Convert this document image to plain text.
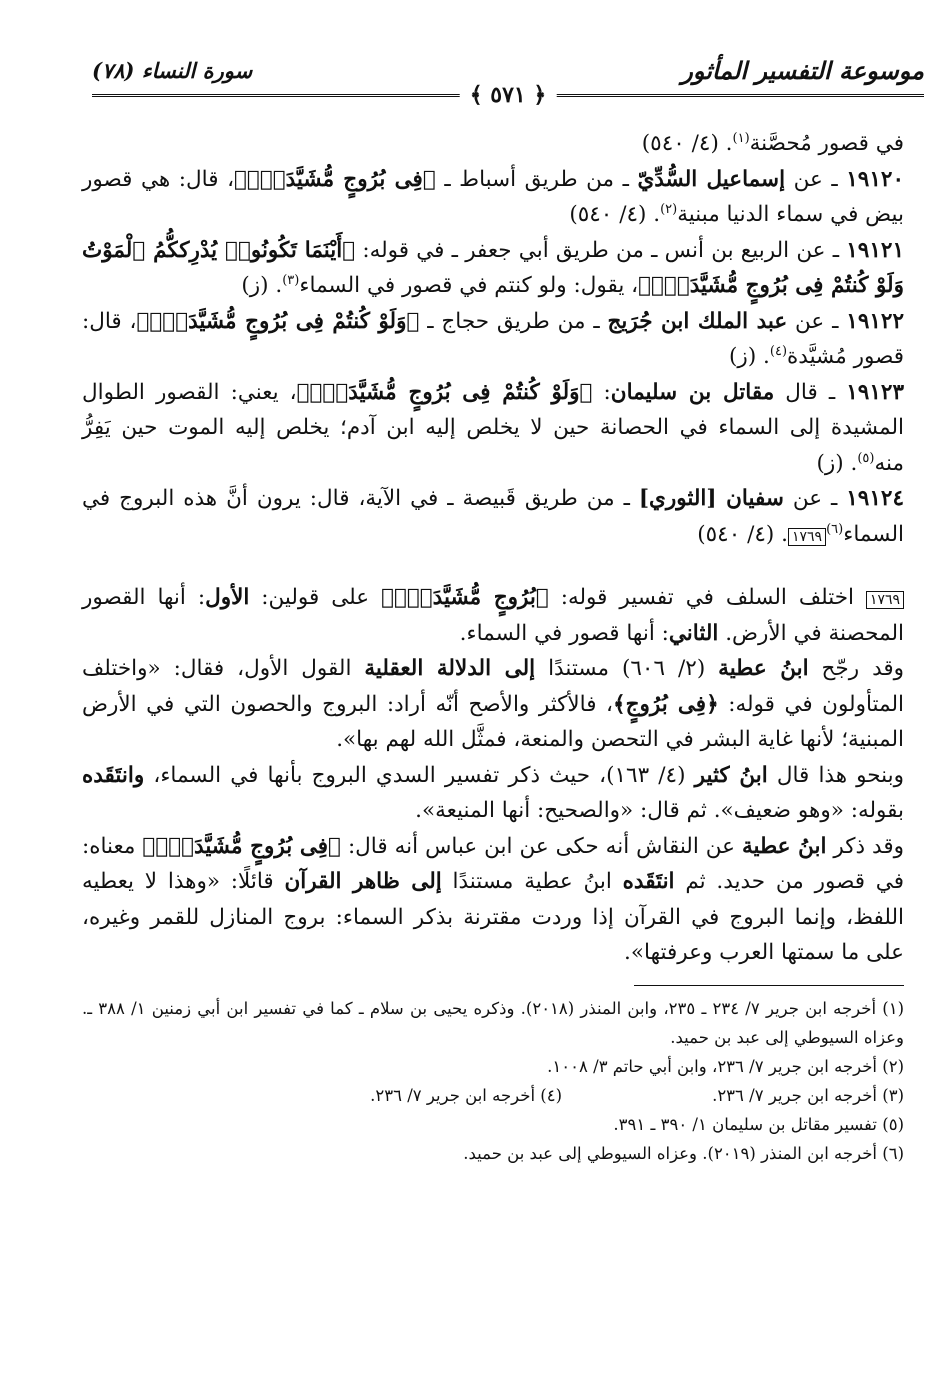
موسوعة التفسير المأثور
سورة النساء (٧٨)
﴿ ٥٧١ ﴾

في قصور مُحصَّنة$^{(١)}$. (٤/ ٥٤٠)

١٩١٢٠ ـ عن إسماعيل السُّدِّيّ ـ من طريق أسباط ـ ﴿فِى بُرُوجٍ مُّشَيَّدَةٍۗ﴾، قال: هي قصور بيض في سماء الدنيا مبنية$^{(٢)}$. (٤/ ٥٤٠)

١٩١٢١ ـ عن الربيع بن أنس ـ من طريق أبي جعفر ـ في قوله: ﴿أَيْنَمَا تَكُونُوا۟ يُدْرِككُّمُ ٱلْمَوْتُ وَلَوْ كُنتُمْ فِى بُرُوجٍ مُّشَيَّدَةٍۗ﴾، يقول: ولو كنتم في قصور في السماء$^{(٣)}$. (ز)

١٩١٢٢ ـ عن عبد الملك ابن جُرَيج ـ من طريق حجاج ـ ﴿وَلَوْ كُنتُمْ فِى بُرُوجٍ مُّشَيَّدَةٍۗ﴾، قال: قصور مُشيَّدة$^{(٤)}$. (ز)

١٩١٢٣ ـ قال مقاتل بن سليمان: ﴿وَلَوْ كُنتُمْ فِى بُرُوجٍ مُّشَيَّدَةٍۗ﴾، يعني: القصور الطوال المشيدة إلى السماء في الحصانة حين لا يخلص إليه ابن آدم؛ يخلص إليه الموت حين يَفِرُّ منه$^{(٥)}$. (ز)

١٩١٢٤ ـ عن سفيان [الثوري] ـ من طريق قَبيصة ـ في الآية، قال: يرون أنَّ هذه البروج في السماء$^{(٦)}$١٧٦٩. (٤/ ٥٤٠)

١٧٦٩ اختلف السلف في تفسير قوله: ﴿بُرُوجٍ مُّشَيَّدَةٍۗ﴾ على قولين: الأول: أنها القصور المحصنة في الأرض. الثاني: أنها قصور في السماء.

وقد رجّح ابنُ عطية (٢/ ٦٠٦) مستندًا إلى الدلالة العقلية القول الأول، فقال: «واختلف المتأولون في قوله: ﴿فِى بُرُوجٍ﴾، فالأكثر والأصح أنّه أراد: البروج والحصون التي في الأرض المبنية؛ لأنها غاية البشر في التحصن والمنعة، فمثَّل الله لهم بها».

وبنحو هذا قال ابنُ كثير (٤/ ١٦٣)، حيث ذكر تفسير السدي البروج بأنها في السماء، وانتَقَده بقوله: «وهو ضعيف». ثم قال: «والصحيح: أنها المنيعة».

وقد ذكر ابنُ عطية عن النقاش أنه حكى عن ابن عباس أنه قال: ﴿فِى بُرُوجٍ مُّشَيَّدَةٍۗ﴾ معناه: في قصور من حديد. ثم انتَقَده ابنُ عطية مستندًا إلى ظاهر القرآن قائلًا: «وهذا لا يعطيه اللفظ، وإنما البروج في القرآن إذا وردت مقترنة بذكر السماء: بروج المنازل للقمر وغيره، على ما سمتها العرب وعرفتها».

(١) أخرجه ابن جرير ٧/ ٢٣٤ ـ ٢٣٥، وابن المنذر (٢٠١٨). وذكره يحيى بن سلام ـ كما في تفسير ابن أبي زمنين ١/ ٣٨٨ ـ. وعزاه السيوطي إلى عبد بن حميد.

(٢) أخرجه ابن جرير ٧/ ٢٣٦، وابن أبي حاتم ٣/ ١٠٠٨.

(٣) أخرجه ابن جرير ٧/ ٢٣٦.
(٤) أخرجه ابن جرير ٧/ ٢٣٦.

(٥) تفسير مقاتل بن سليمان ١/ ٣٩٠ ـ ٣٩١.

(٦) أخرجه ابن المنذر (٢٠١٩). وعزاه السيوطي إلى عبد بن حميد.
